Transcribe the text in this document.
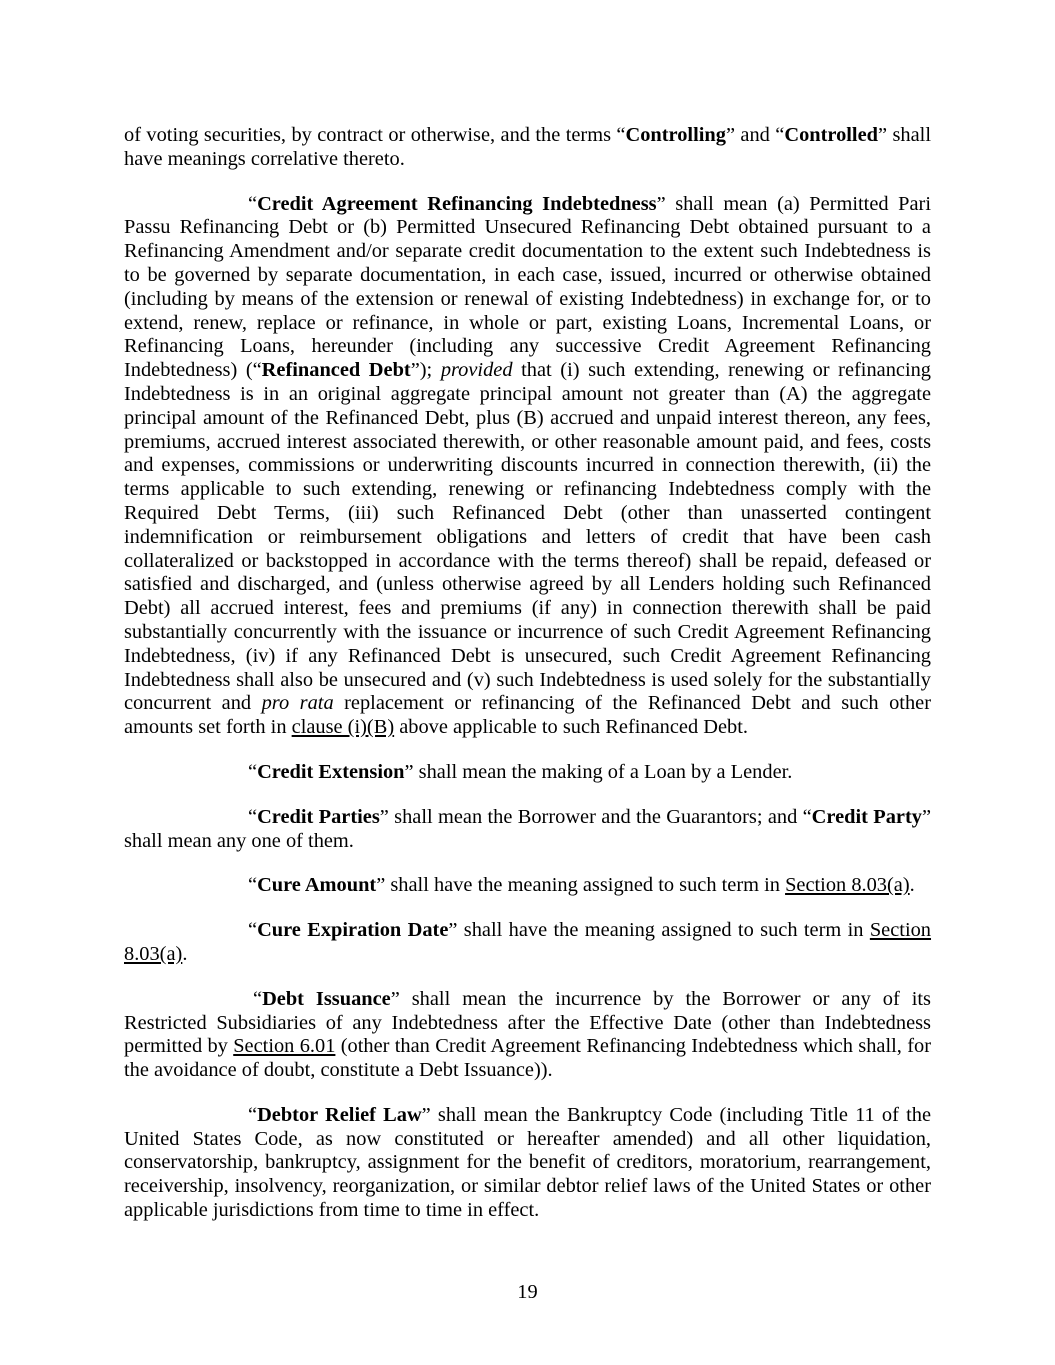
of voting securities, by contract or otherwise, and the terms “Controlling” and “Controlled” shall have meanings correlative thereto.

“Credit Agreement Refinancing Indebtedness” shall mean (a) Permitted Pari Passu Refinancing Debt or (b) Permitted Unsecured Refinancing Debt obtained pursuant to a Refinancing Amendment and/or separate credit documentation to the extent such Indebtedness is to be governed by separate documentation, in each case, issued, incurred or otherwise obtained (including by means of the extension or renewal of existing Indebtedness) in exchange for, or to extend, renew, replace or refinance, in whole or part, existing Loans, Incremental Loans, or Refinancing Loans, hereunder (including any successive Credit Agreement Refinancing Indebtedness) (“Refinanced Debt”); provided that (i) such extending, renewing or refinancing Indebtedness is in an original aggregate principal amount not greater than (A) the aggregate principal amount of the Refinanced Debt, plus (B) accrued and unpaid interest thereon, any fees, premiums, accrued interest associated therewith, or other reasonable amount paid, and fees, costs and expenses, commissions or underwriting discounts incurred in connection therewith, (ii) the terms applicable to such extending, renewing or refinancing Indebtedness comply with the Required Debt Terms, (iii) such Refinanced Debt (other than unasserted contingent indemnification or reimbursement obligations and letters of credit that have been cash collateralized or backstopped in accordance with the terms thereof) shall be repaid, defeased or satisfied and discharged, and (unless otherwise agreed by all Lenders holding such Refinanced Debt) all accrued interest, fees and premiums (if any) in connection therewith shall be paid substantially concurrently with the issuance or incurrence of such Credit Agreement Refinancing Indebtedness, (iv) if any Refinanced Debt is unsecured, such Credit Agreement Refinancing Indebtedness shall also be unsecured and (v) such Indebtedness is used solely for the substantially concurrent and pro rata replacement or refinancing of the Refinanced Debt and such other amounts set forth in clause (i)(B) above applicable to such Refinanced Debt.

“Credit Extension” shall mean the making of a Loan by a Lender.

“Credit Parties” shall mean the Borrower and the Guarantors; and “Credit Party” shall mean any one of them.

“Cure Amount” shall have the meaning assigned to such term in Section 8.03(a).

“Cure Expiration Date” shall have the meaning assigned to such term in Section 8.03(a).

“Debt Issuance” shall mean the incurrence by the Borrower or any of its Restricted Subsidiaries of any Indebtedness after the Effective Date (other than Indebtedness permitted by Section 6.01 (other than Credit Agreement Refinancing Indebtedness which shall, for the avoidance of doubt, constitute a Debt Issuance)).

“Debtor Relief Law” shall mean the Bankruptcy Code (including Title 11 of the United States Code, as now constituted or hereafter amended) and all other liquidation, conservatorship, bankruptcy, assignment for the benefit of creditors, moratorium, rearrangement, receivership, insolvency, reorganization, or similar debtor relief laws of the United States or other applicable jurisdictions from time to time in effect.

19
